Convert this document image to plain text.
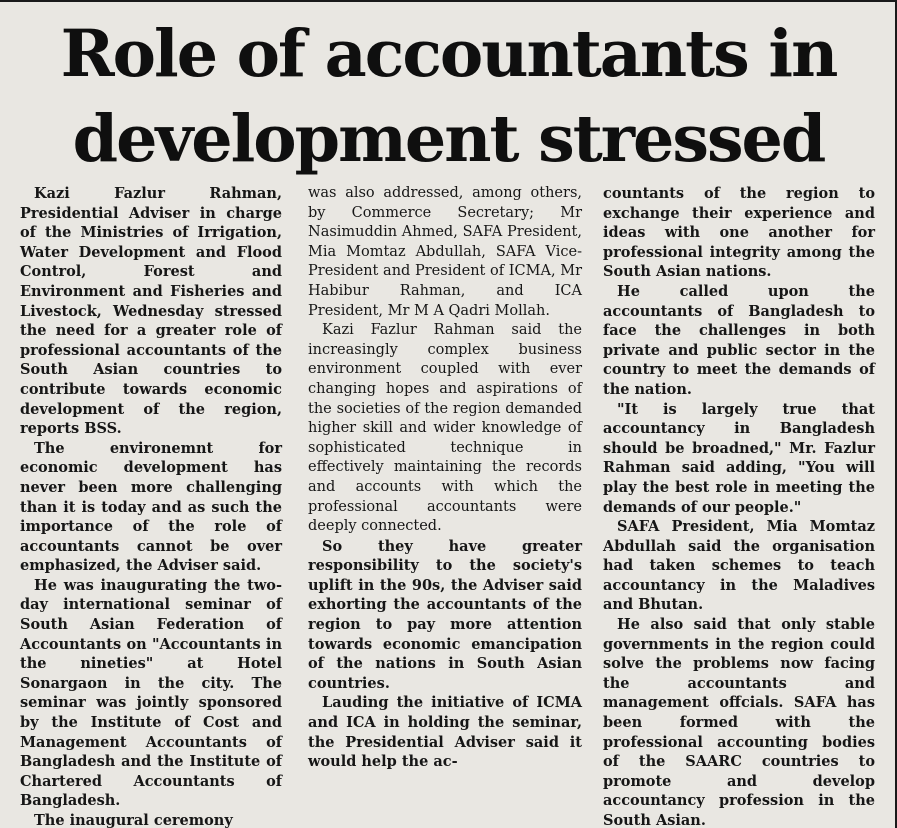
Role of accountants in development stressed

Kazi Fazlur Rahman, Presidential Adviser in charge of the Ministries of Irrigation, Water Development and Flood Control, Forest and Environment and Fisheries and Livestock, Wednesday stressed the need for a greater role of professional accountants of the South Asian countries to contribute towards economic development of the region, reports BSS.

The environemnt for economic development has never been more challenging than it is today and as such the importance of the role of accountants cannot be over emphasized, the Adviser said.

He was inaugurating the two-day international seminar of South Asian Federation of Accountants on "Accountants in the nineties" at Hotel Sonargaon in the city. The seminar was jointly sponsored by the Institute of Cost and Management Accountants of Bangladesh and the Institute of Chartered Accountants of Bangladesh.

The inaugural ceremony

was also addressed, among others, by Commerce Secretary; Mr Nasimuddin Ahmed, SAFA President, Mia Momtaz Abdullah, SAFA Vice-President and President of ICMA, Mr Habibur Rahman, and ICA President, Mr M A Qadri Mollah.

Kazi Fazlur Rahman said the increasingly complex business environment coupled with ever changing hopes and aspirations of the societies of the region demanded higher skill and wider knowledge of sophisticated technique in effectively maintaining the records and accounts with which the professional accountants were deeply connected.

So they have greater responsibility to the society's uplift in the 90s, the Adviser said exhorting the accountants of the region to pay more attention towards economic emancipation of the nations in South Asian countries.

Lauding the initiative of ICMA and ICA in holding the seminar, the Presidential Adviser said it would help the ac-

countants of the region to exchange their experience and ideas with one another for professional integrity among the South Asian nations.

He called upon the accountants of Bangladesh to face the challenges in both private and public sector in the country to meet the demands of the nation.

"It is largely true that accountancy in Bangladesh should be broadned," Mr. Fazlur Rahman said adding, "You will play the best role in meeting the demands of our people."

SAFA President, Mia Momtaz Abdullah said the organisation had taken schemes to teach accountancy in the Maladives and Bhutan.

He also said that only stable governments in the region could solve the problems now facing the accountants and management offcials. SAFA has been formed with the professional accounting bodies of the SAARC countries to promote and develop accountancy profession in the South Asian.
